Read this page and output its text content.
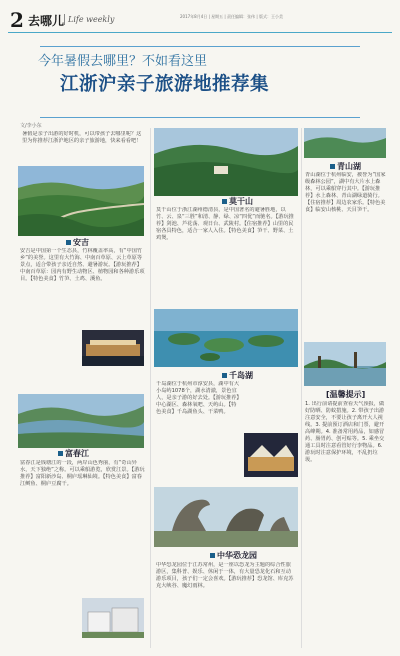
2 去哪儿 Life weekly	2017年8月4日 | 星期五 | 责任编辑：张伟 | 版式：王小美
今年暑假去哪里？不如看这里
江浙沪亲子旅游地推荐集
文/李小东
暑假是亲子出游的好时机，可以带孩子去哪里呢？这里为你推荐江浙沪地区的亲子旅游地，快来看看吧！
安吉
安吉是中国第一个生态县，竹林覆盖率高，有“中国竹乡”的美誉。这里有大竹海、中南百草原、云上草原等景点，适合带孩子亲近自然、避暑游玩。【游玩推荐】中南百草原：园内有野生动物区、植物园和各种游乐项目。【特色美食】竹笋、土鸡、溪鱼。
富春江
富春江是钱塘江的一段，两岸山色秀丽，有“奇山异水，天下独绝”之称。可以乘船游览，欣赏江景。【游玩推荐】富阳新沙岛、桐庐瑶琳仙境。【特色美食】富春江鲥鱼、桐庐豆腐干。
莫干山
莫干山位于浙江湖州德清县，是中国著名的避暑胜地，以竹、云、泉“三胜”和清、静、绿、凉“四优”而驰名。【游玩推荐】剑池、芦花荡、观日台、武陵村。【住宿推荐】山里的民宿各具特色，适合一家人入住。【特色美食】笋干、野菜、土鸡煲。
千岛湖
千岛湖位于杭州市淳安县，湖中有大小岛屿1078个，湖水清澈，景色宜人，是亲子游的好去处。【游玩推荐】中心湖区、森林氧吧、天屿山。【特色美食】千岛湖鱼头、干菜鸭。
中华恐龙园
中华恐龙园位于江苏常州，是一座以恐龙为主题的综合性旅游区，集科普、娱乐、休闲于一体，有大量恐龙化石和互动游乐项目，孩子们一定会喜欢。【游玩推荐】恐龙馆、库克苏克大峡谷、魔幻雨林。
青山湖
青山湖位于杭州临安，被誉为“国家级森林公园”，湖中有大片水上森林，可以乘船穿行其中。【游玩推荐】水上森林、青山湖绿道骑行。【住宿推荐】周边农家乐。【特色美食】临安山核桃、天目笋干。
[温馨提示]
1. 出行前请提前查看天气预报，做好防晒、防蚊措施。2. 带孩子出游注意安全，不要让孩子离开大人视线。3. 提前预订酒店和门票，避开高峰期。4. 准备常用药品，如感冒药、肠胃药、创可贴等。5. 乘坐交通工具时注意看管好行李物品。6. 游玩时注意保护环境，不乱扔垃圾。
